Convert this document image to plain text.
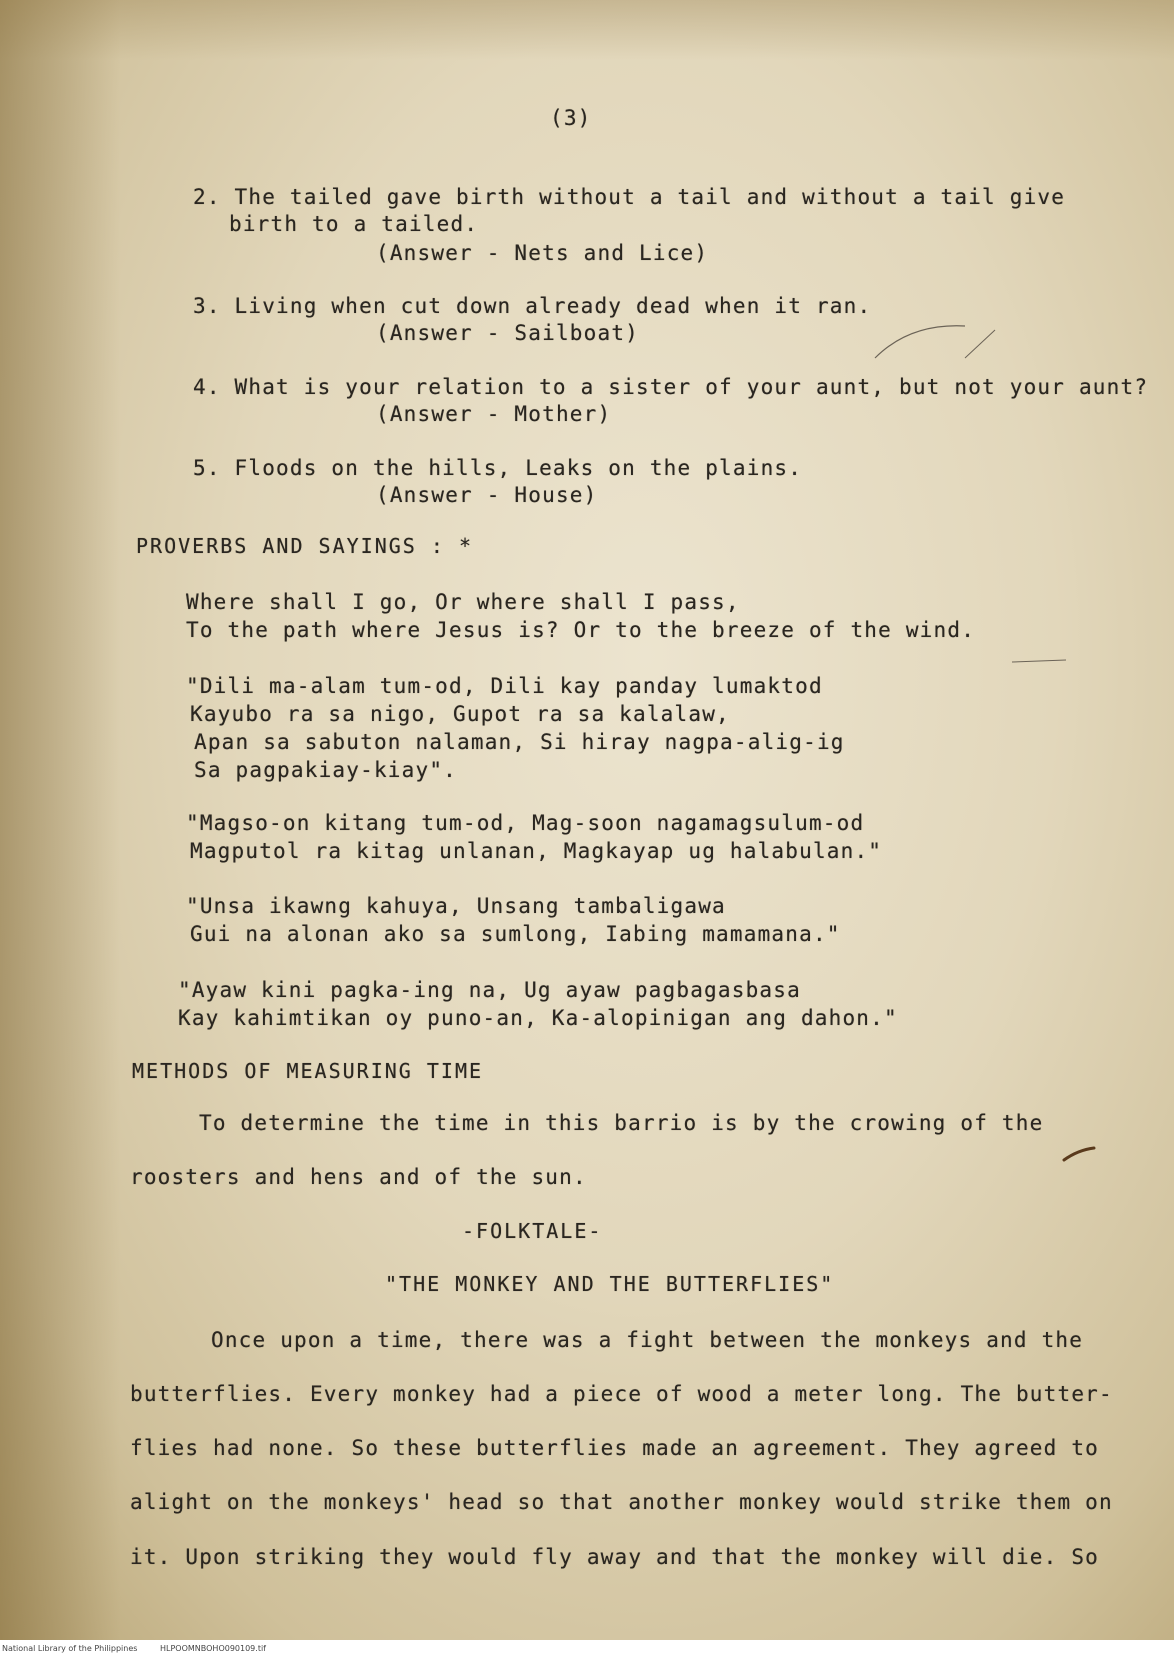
(3)
2. The tailed gave birth without a tail and without a tail give
birth to a tailed.
(Answer - Nets and Lice)
3. Living when cut down already dead when it ran.
(Answer - Sailboat)
4. What is your relation to a sister of your aunt, but not your aunt?
(Answer - Mother)
5. Floods on the hills, Leaks on the plains.
(Answer - House)
PROVERBS AND SAYINGS : *
Where shall I go, Or where shall I pass,
To the path where Jesus is? Or to the breeze of the wind.
"Dili ma-alam tum-od, Dili kay panday lumaktod
Kayubo ra sa nigo, Gupot ra sa kalalaw,
Apan sa sabuton nalaman, Si hiray nagpa-alig-ig
Sa pagpakiay-kiay".
"Magso-on kitang tum-od, Mag-soon nagamagsulum-od
Magputol ra kitag unlanan, Magkayap ug halabulan."
"Unsa ikawng kahuya, Unsang tambaligawa
Gui na alonan ako sa sumlong, Iabing mamamana."
"Ayaw kini pagka-ing na, Ug ayaw pagbagasbasa
Kay kahimtikan oy puno-an, Ka-alopinigan ang dahon."
METHODS OF MEASURING TIME
To determine the time in this barrio is by the crowing of the
roosters and hens and of the sun.
-FOLKTALE-
"THE MONKEY AND THE BUTTERFLIES"
Once upon a time, there was a fight between the monkeys and the
butterflies. Every monkey had a piece of wood a meter long. The butter-
flies had none. So these butterflies made an agreement. They agreed to
alight on the monkeys' head so that another monkey would strike them on
it. Upon striking they would fly away and that the monkey will die. So
National Library of the Philippines	HLPOOMNBOHO090109.tif
